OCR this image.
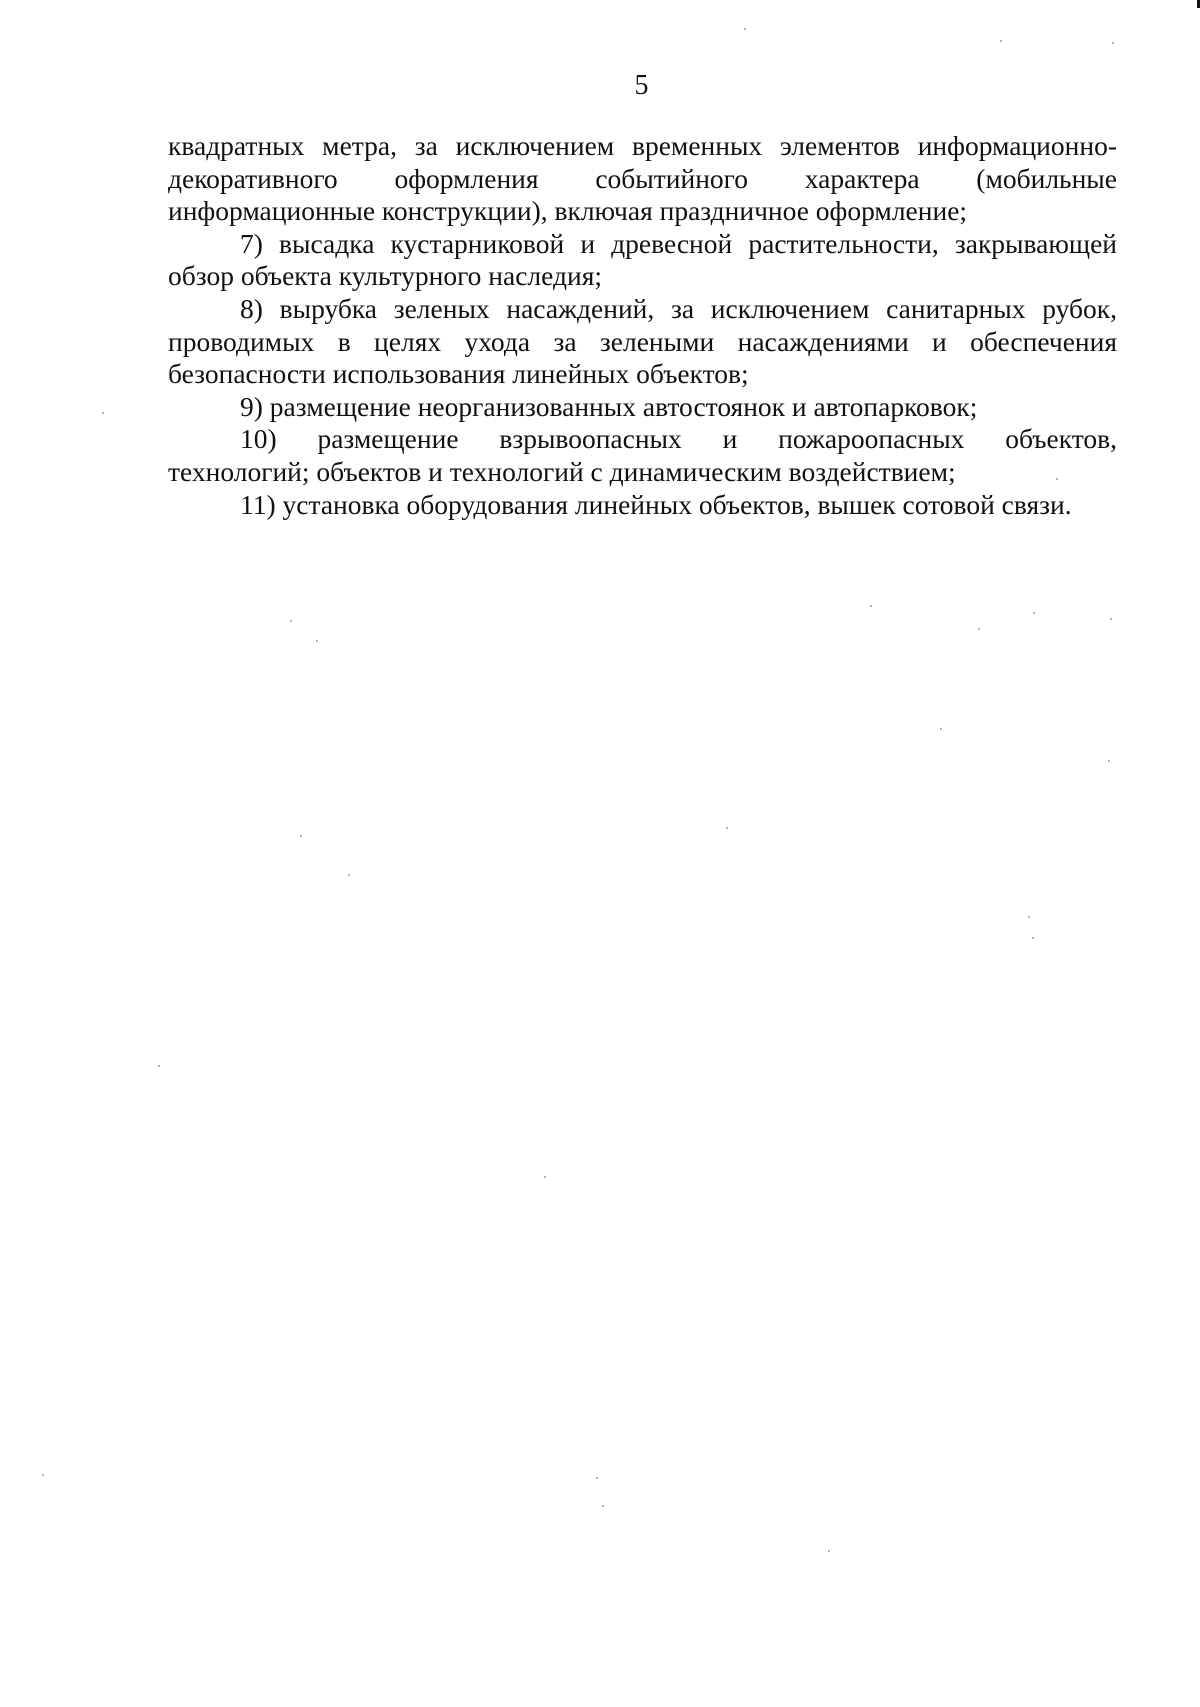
5
квадратных метра, за исключением временных элементов информационно-
декоративного оформления событийного характера (мобильные
информационные конструкции), включая праздничное оформление;
7) высадка кустарниковой и древесной растительности, закрывающей
обзор объекта культурного наследия;
8) вырубка зеленых насаждений, за исключением санитарных рубок,
проводимых в целях ухода за зелеными насаждениями и обеспечения
безопасности использования линейных объектов;
9) размещение неорганизованных автостоянок и автопарковок;
10) размещение взрывоопасных и пожароопасных объектов,
технологий; объектов и технологий с динамическим воздействием;
11) установка оборудования линейных объектов, вышек сотовой связи.
